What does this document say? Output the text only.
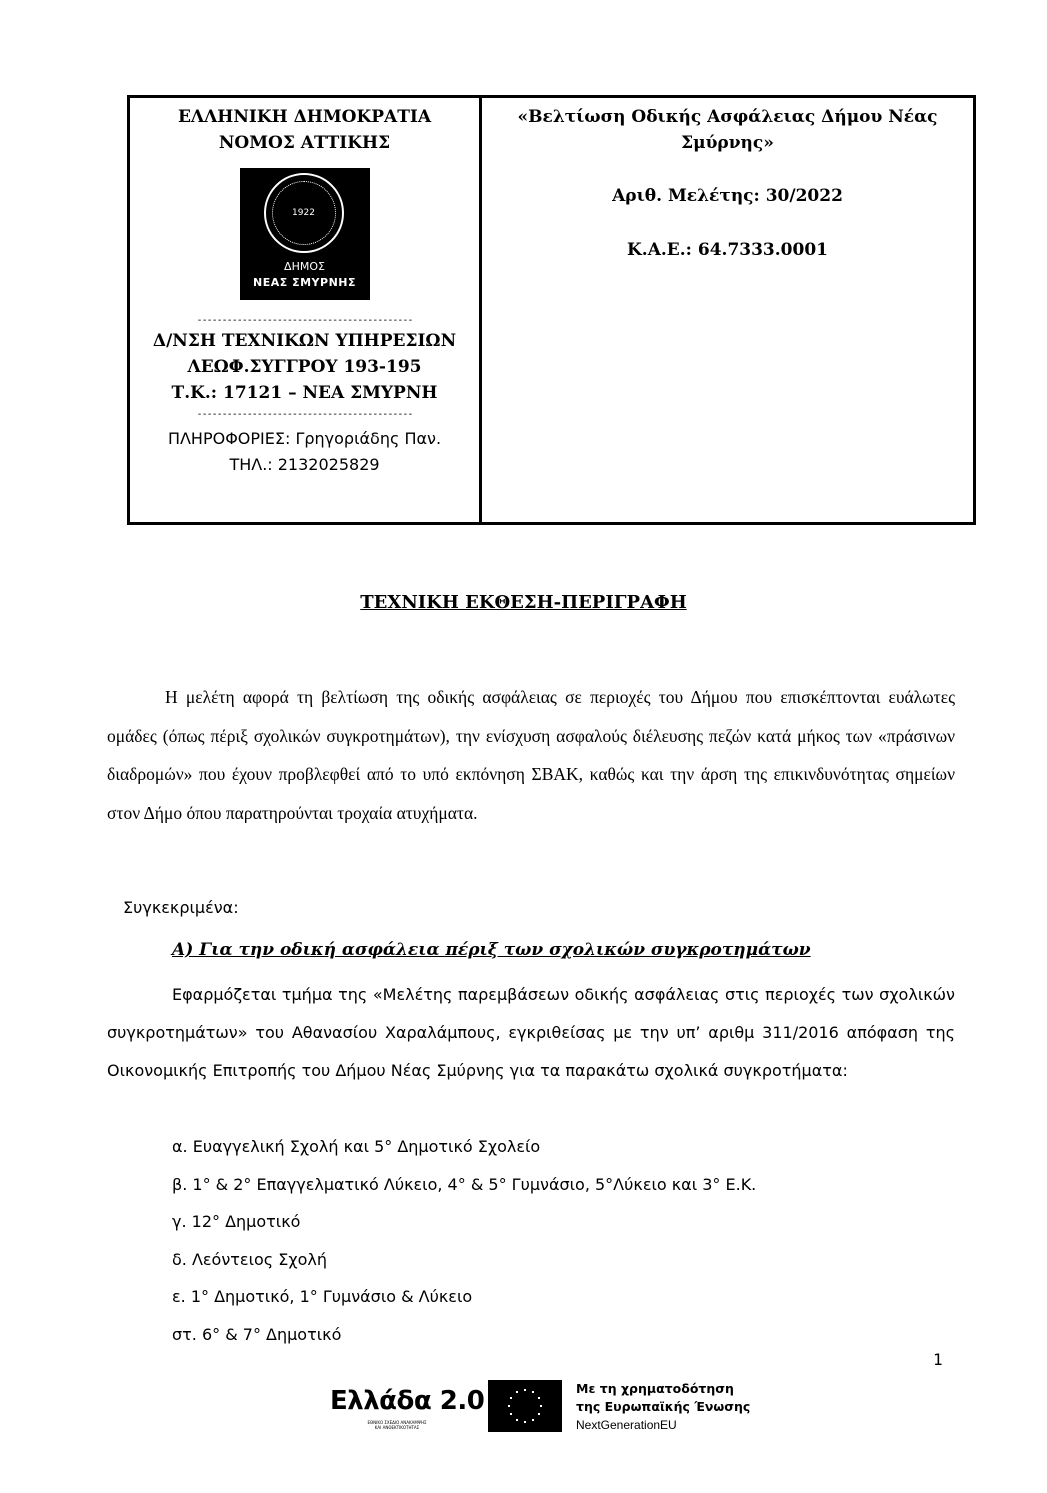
ΕΛΛΗΝΙΚΗ ΔΗΜΟΚΡΑΤΙΑ
ΝΟΜΟΣ ΑΤΤΙΚΗΣ
1922
ΔΗΜΟΣ
ΝΕΑΣ ΣΜΥΡΝΗΣ
-------------------------------------------
Δ/ΝΣΗ ΤΕΧΝΙΚΩΝ ΥΠΗΡΕΣΙΩΝ
ΛΕΩΦ.ΣΥΓΓΡΟΥ 193-195
Τ.Κ.: 17121 – ΝΕΑ ΣΜΥΡΝΗ
-------------------------------------------
ΠΛΗΡΟΦΟΡΙΕΣ: Γρηγοριάδης Παν.
ΤΗΛ.: 2132025829
«Βελτίωση Οδικής Ασφάλειας Δήμου Νέας Σμύρνης»
Αριθ. Μελέτης: 30/2022
Κ.Α.Ε.: 64.7333.0001
ΤΕΧΝΙΚΗ ΕΚΘΕΣΗ-ΠΕΡΙΓΡΑΦΗ
Η μελέτη αφορά τη βελτίωση της οδικής ασφάλειας σε περιοχές του Δήμου που επισκέπτονται ευάλωτες ομάδες (όπως πέριξ σχολικών συγκροτημάτων), την ενίσχυση ασφαλούς διέλευσης πεζών κατά μήκος των «πράσινων διαδρομών» που έχουν προβλεφθεί από το υπό εκπόνηση ΣΒΑΚ, καθώς και την άρση της επικινδυνότητας σημείων στον Δήμο όπου παρατηρούνται τροχαία ατυχήματα.
Συγκεκριμένα:
Α) Για την οδική ασφάλεια πέριξ των σχολικών συγκροτημάτων
Εφαρμόζεται τμήμα της «Μελέτης παρεμβάσεων οδικής ασφάλειας στις περιοχές των σχολικών συγκροτημάτων» του Αθανασίου Χαραλάμπους, εγκριθείσας με την υπ’ αριθμ 311/2016 απόφαση της Οικονομικής Επιτροπής του Δήμου Νέας Σμύρνης για τα παρακάτω σχολικά συγκροτήματα:
α. Ευαγγελική Σχολή και 5° Δημοτικό Σχολείο
β. 1° & 2° Επαγγελματικό Λύκειο, 4° & 5° Γυμνάσιο, 5°Λύκειο και 3° Ε.Κ.
γ. 12° Δημοτικό
δ. Λεόντειος Σχολή
ε. 1° Δημοτικό, 1° Γυμνάσιο & Λύκειο
στ. 6° & 7° Δημοτικό
1
Ελλάδα 2.0
ΕΘΝΙΚΟ ΣΧΕΔΙΟ ΑΝΑΚΑΜΨΗΣ
ΚΑΙ ΑΝΘΕΚΤΙΚΟΤΗΤΑΣ
Με τη χρηματοδότηση
της Ευρωπαϊκής Ένωσης
NextGenerationEU
